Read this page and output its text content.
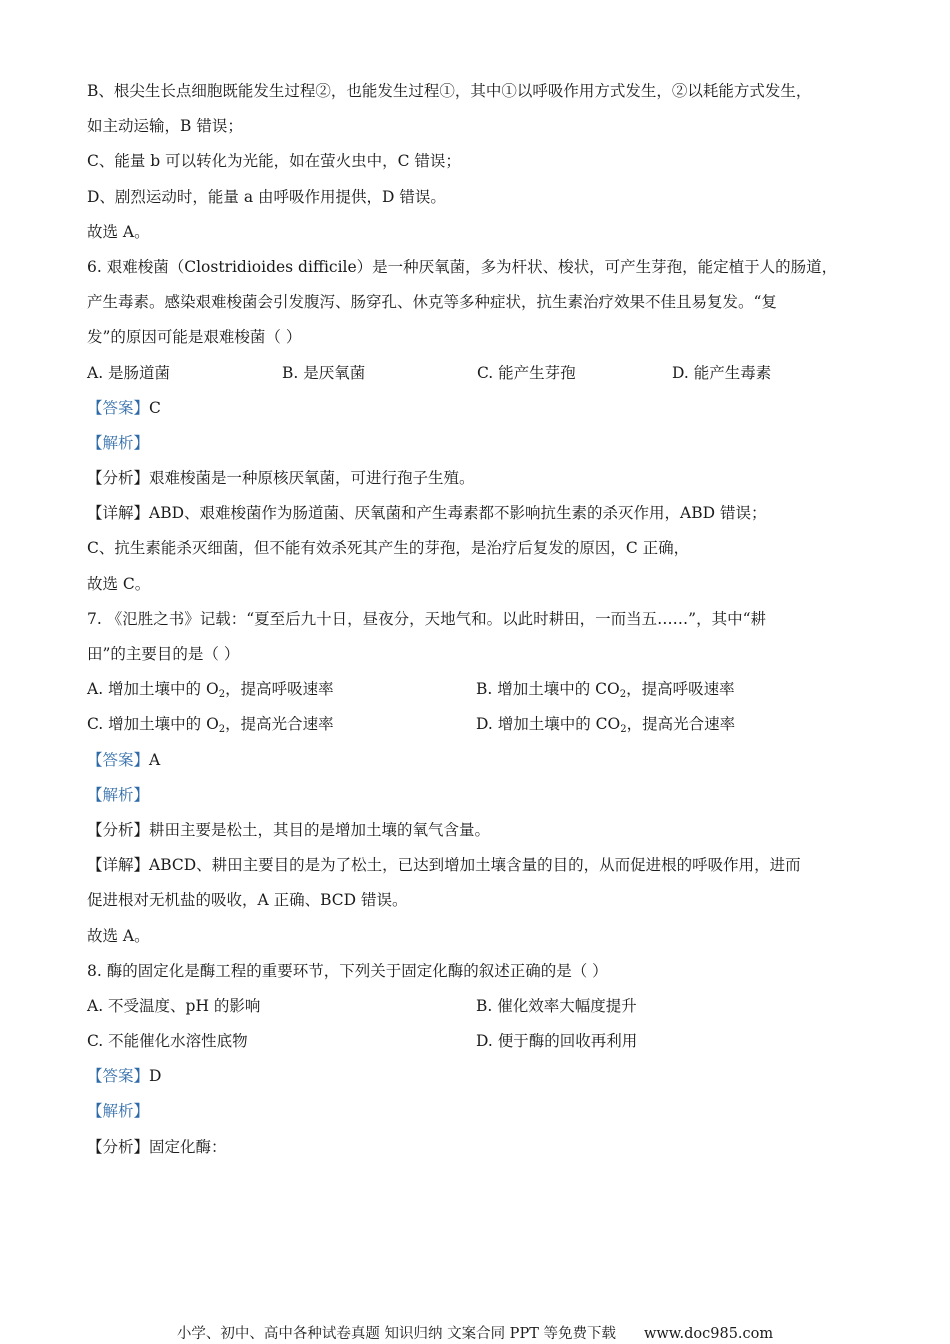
B、根尖生长点细胞既能发生过程②，也能发生过程①，其中①以呼吸作用方式发生，②以耗能方式发生，
如主动运输，B 错误；
C、能量 b 可以转化为光能，如在萤火虫中，C 错误；
D、剧烈运动时，能量 a 由呼吸作用提供，D 错误。
故选 A。
6. 艰难梭菌（Clostridioides difficile）是一种厌氧菌，多为杆状、梭状，可产生芽孢，能定植于人的肠道，
产生毒素。感染艰难梭菌会引发腹泻、肠穿孔、休克等多种症状，抗生素治疗效果不佳且易复发。“复
发”的原因可能是艰难梭菌（ ）
A. 是肠道菌	B. 是厌氧菌	C. 能产生芽孢	D. 能产生毒素
【答案】C
【解析】
【分析】艰难梭菌是一种原核厌氧菌，可进行孢子生殖。
【详解】ABD、艰难梭菌作为肠道菌、厌氧菌和产生毒素都不影响抗生素的杀灭作用，ABD 错误；
C、抗生素能杀灭细菌，但不能有效杀死其产生的芽孢，是治疗后复发的原因，C 正确，
故选 C。
7. 《氾胜之书》记载：“夏至后九十日，昼夜分，天地气和。以此时耕田，一而当五……”，其中“耕
田”的主要目的是（ ）
A. 增加土壤中的 $O_2$，提高呼吸速率	B. 增加土壤中的 $CO_2$，提高呼吸速率
C. 增加土壤中的 $O_2$，提高光合速率	D. 增加土壤中的 $CO_2$，提高光合速率
【答案】A
【解析】
【分析】耕田主要是松土，其目的是增加土壤的氧气含量。
【详解】ABCD、耕田主要目的是为了松土，已达到增加土壤含量的目的，从而促进根的呼吸作用，进而
促进根对无机盐的吸收，A 正确、BCD 错误。
故选 A。
8. 酶的固定化是酶工程的重要环节，下列关于固定化酶的叙述正确的是（ ）
A. 不受温度、pH 的影响	B. 催化效率大幅度提升
C. 不能催化水溶性底物	D. 便于酶的回收再利用
【答案】D
【解析】
【分析】固定化酶：
小学、初中、高中各种试卷真题 知识归纳 文案合同 PPT 等免费下载 www.doc985.com
